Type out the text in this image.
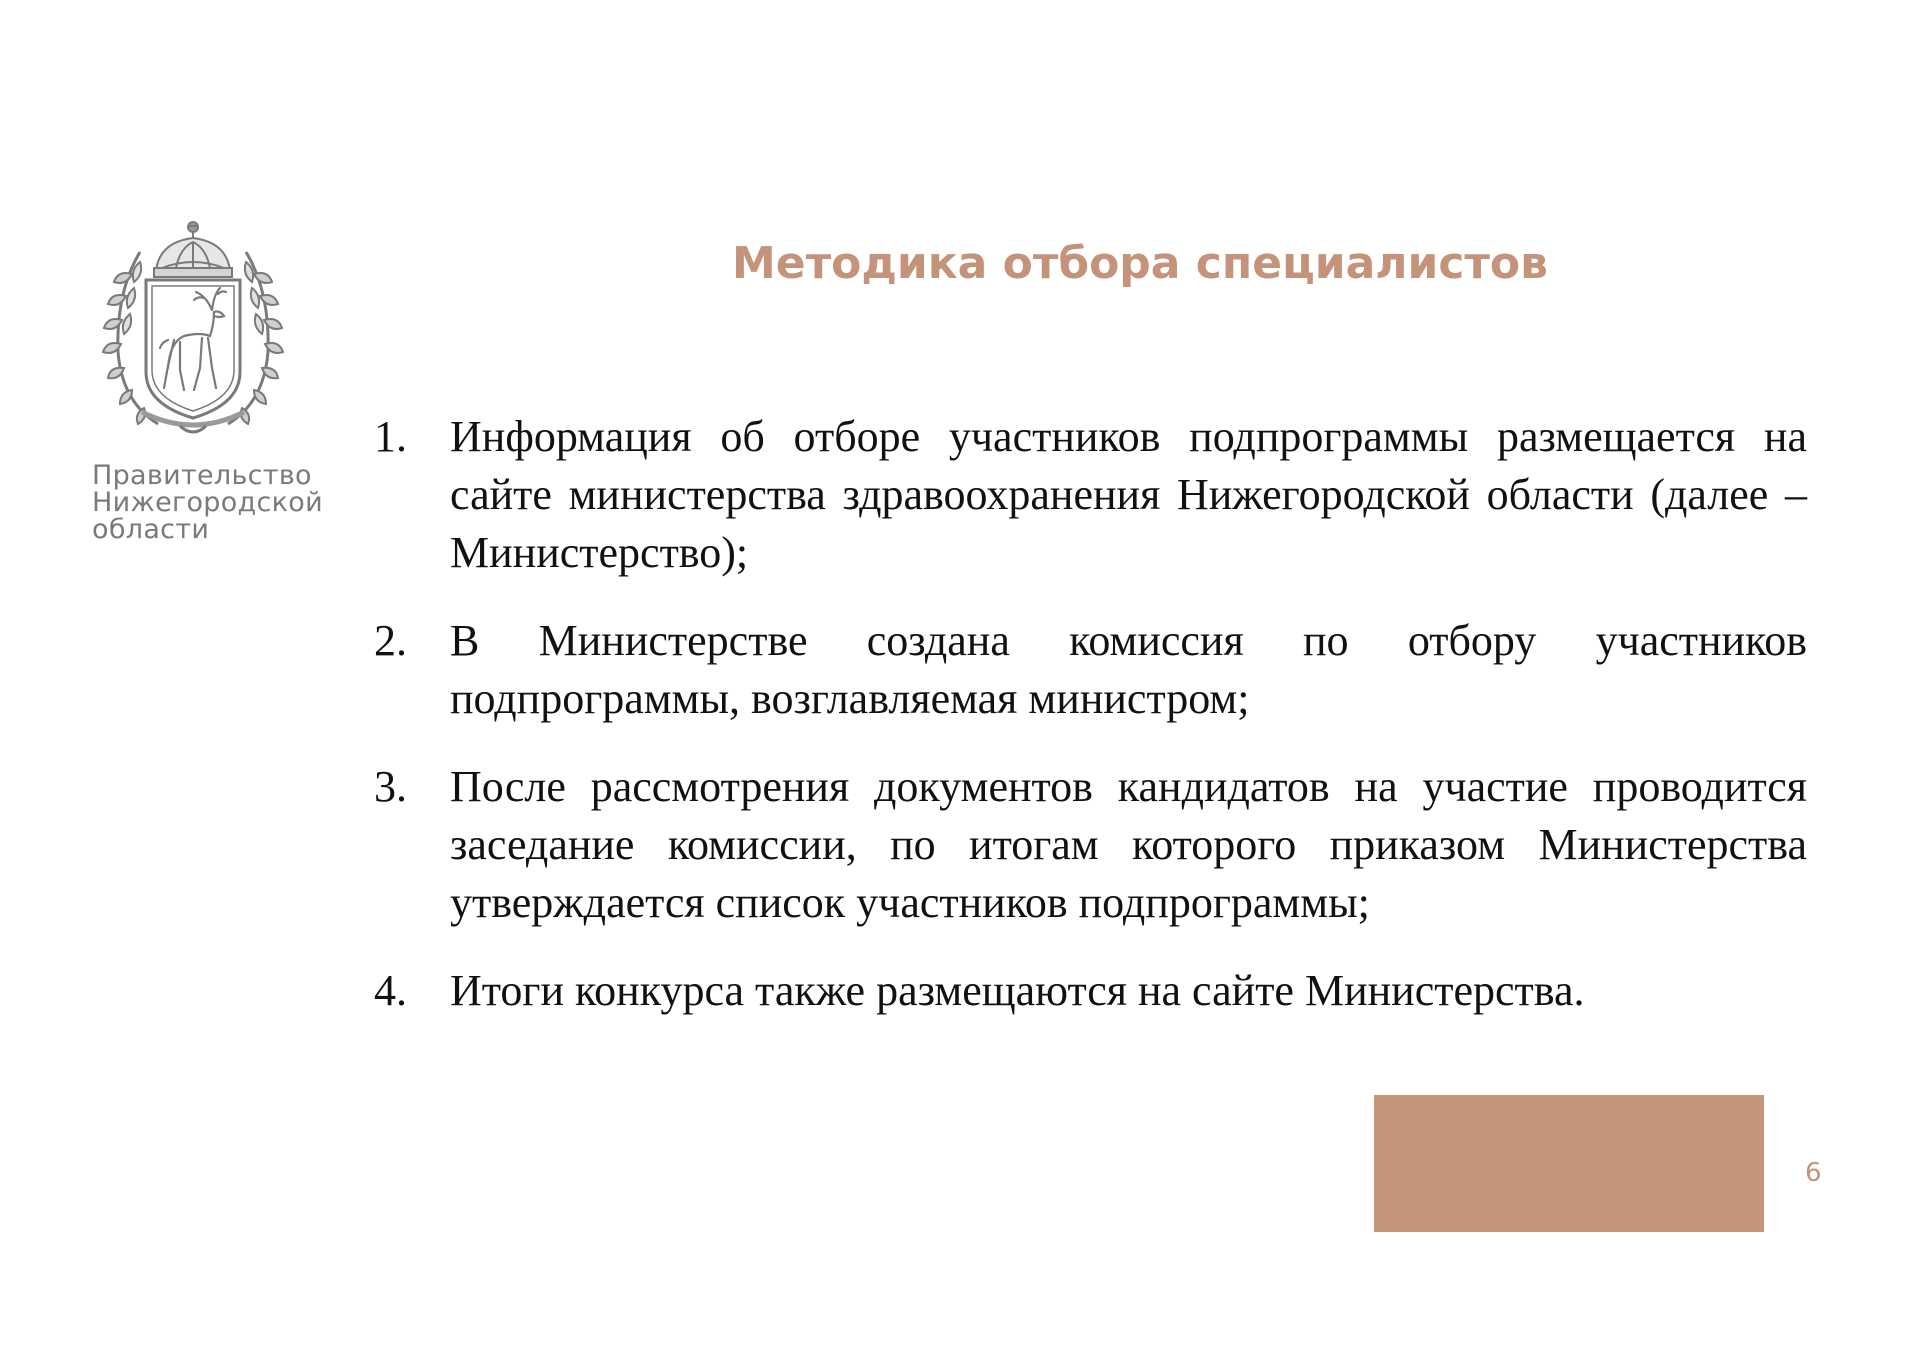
Правительство
Нижегородской
области
Методика отбора специалистов
1. Информация об отборе участников подпрограммы размещается на сайте министерства здравоохранения Нижегородской области (далее – Министерство);
2. В Министерстве создана комиссия по отбору участников подпрограммы, возглавляемая министром;
3. После рассмотрения документов кандидатов на участие проводится заседание комиссии, по итогам которого приказом Министерства утверждается список участников подпрограммы;
4. Итоги конкурса также размещаются на сайте Министерства.
6
